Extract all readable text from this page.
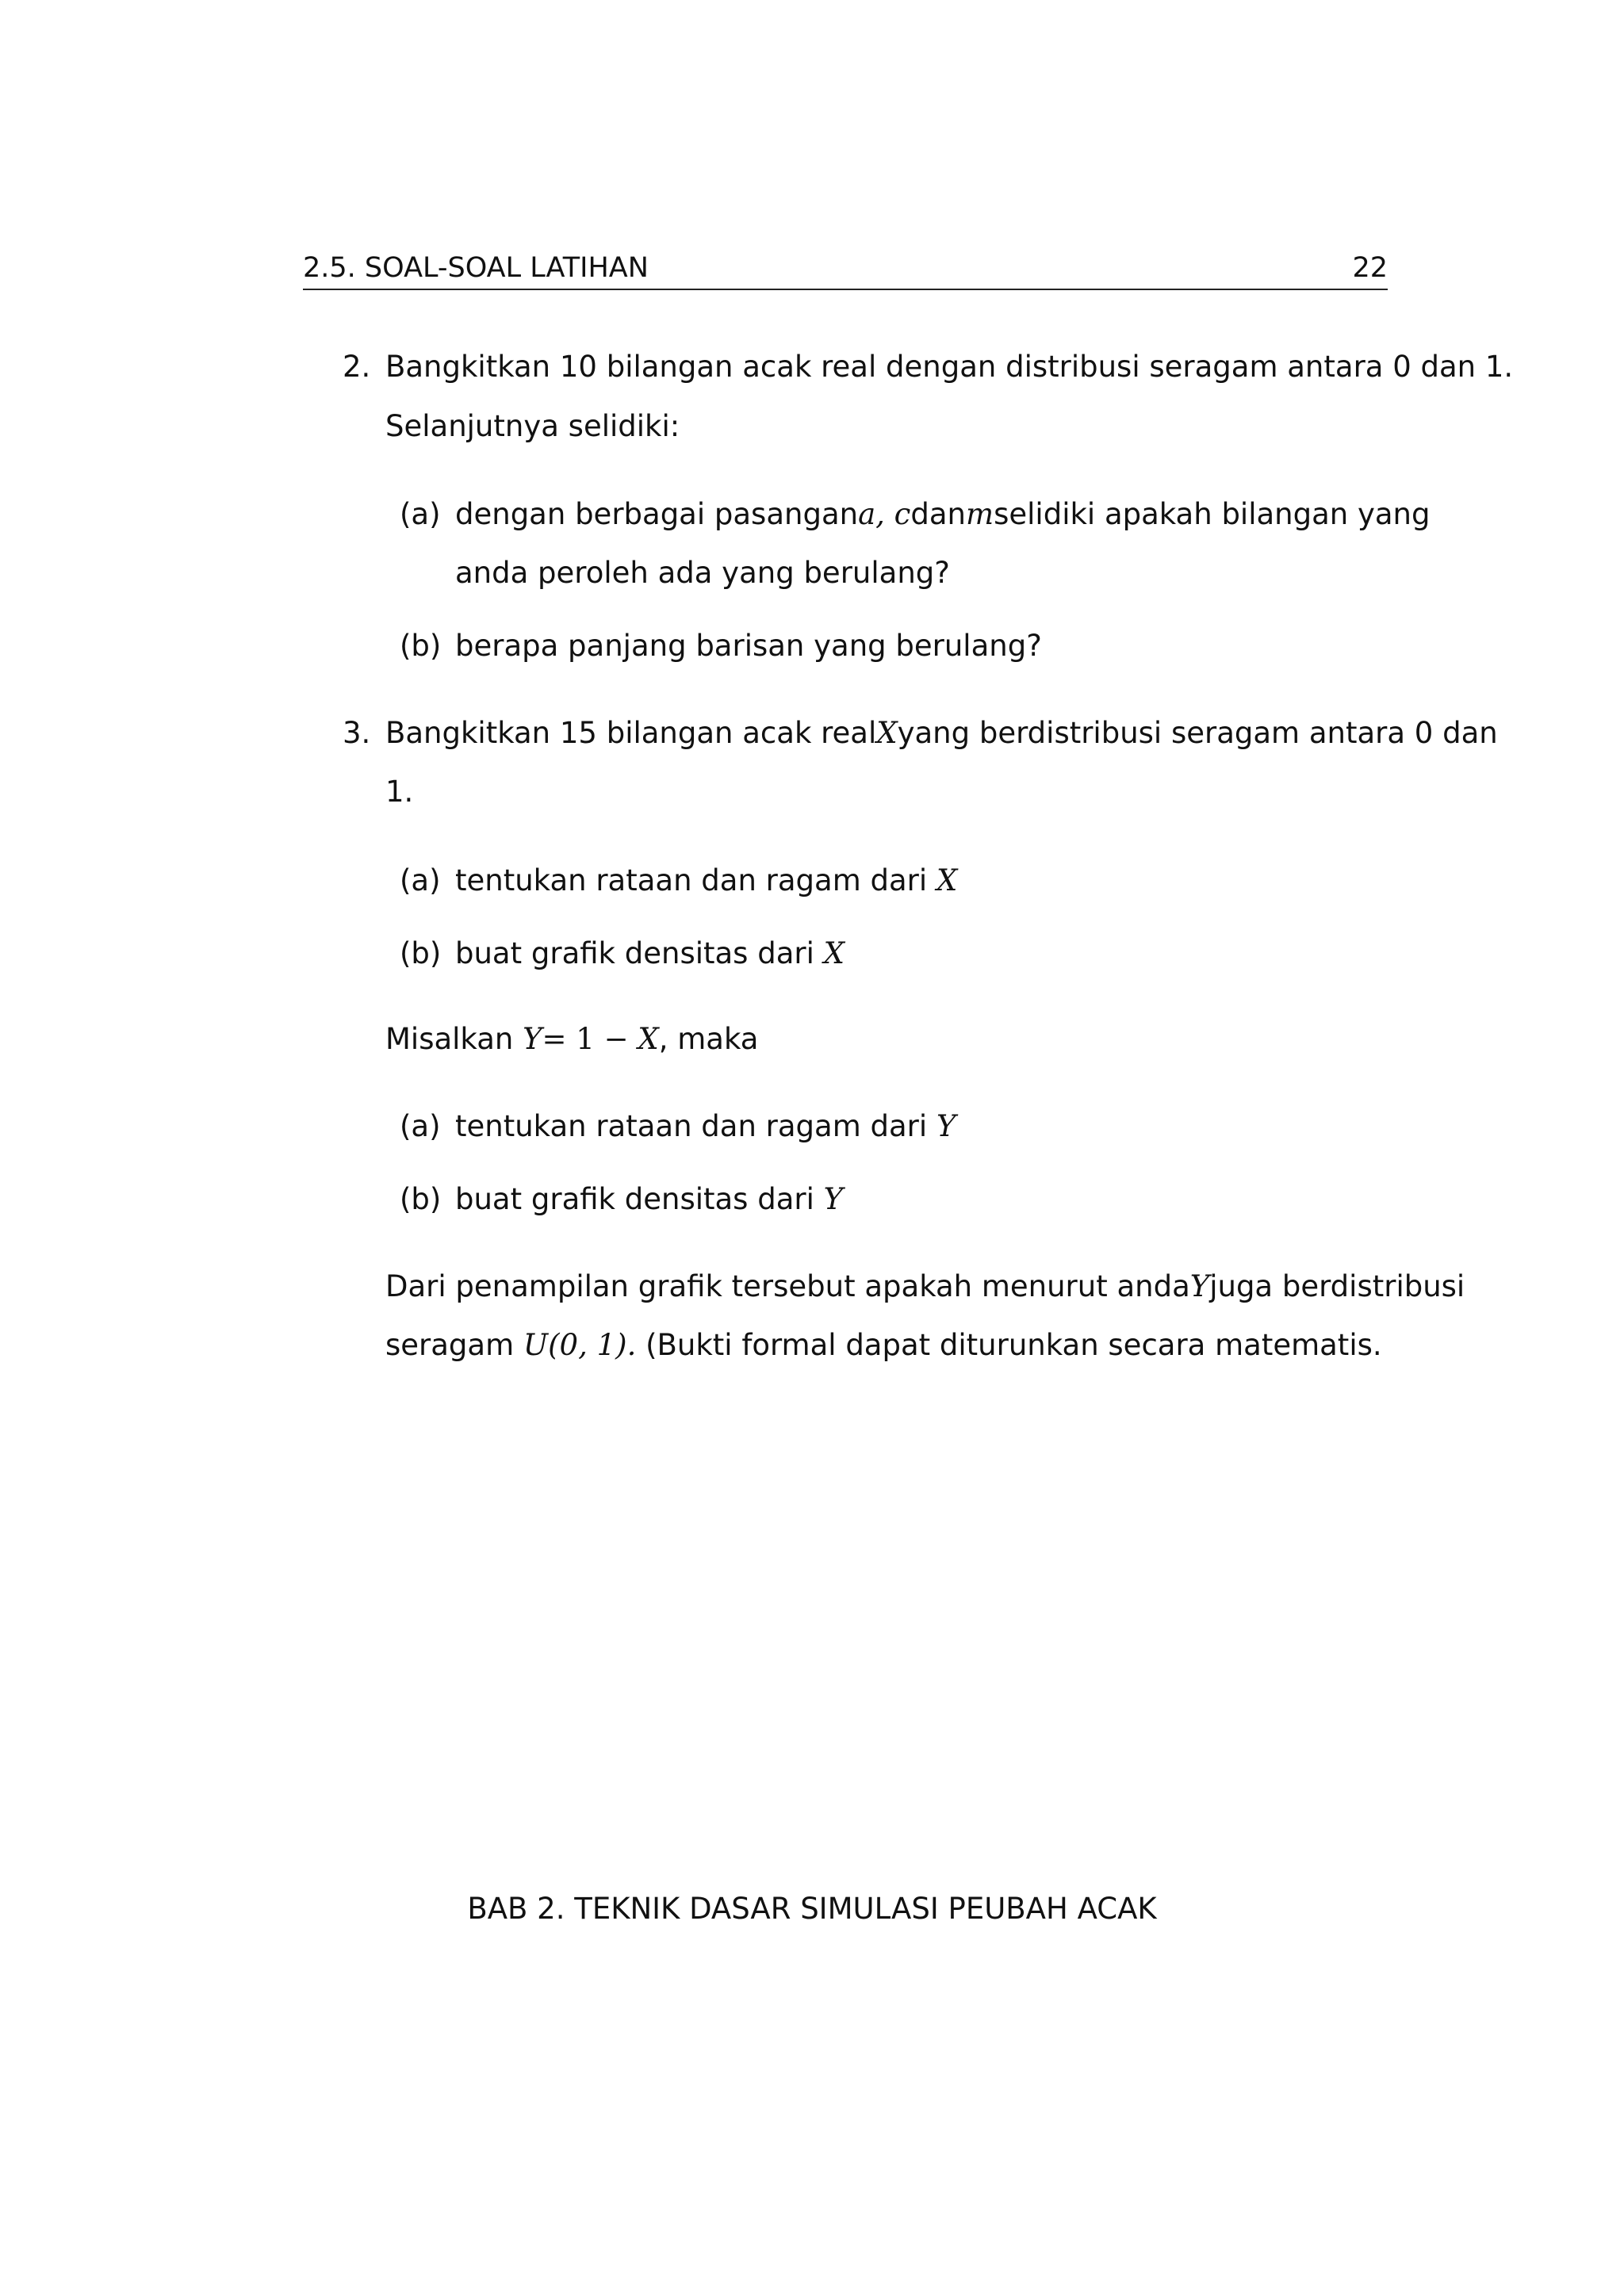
2.5. SOAL-SOAL LATIHAN	22
2. Bangkitkan 10 bilangan acak real dengan distribusi seragam antara 0 dan 1.
Selanjutnya selidiki:
(a) dengan berbagai pasangan a, c dan m selidiki apakah bilangan yang
anda peroleh ada yang berulang?
(b) berapa panjang barisan yang berulang?
3. Bangkitkan 15 bilangan acak real X yang berdistribusi seragam antara 0 dan
1.
(a) tentukan rataan dan ragam dari X
(b) buat grafik densitas dari X
Misalkan Y= 1 − X, maka
(a) tentukan rataan dan ragam dari Y
(b) buat grafik densitas dari Y
Dari penampilan grafik tersebut apakah menurut anda Y juga berdistribusi
seragam U(0, 1). (Bukti formal dapat diturunkan secara matematis.
BAB 2. TEKNIK DASAR SIMULASI PEUBAH ACAK
